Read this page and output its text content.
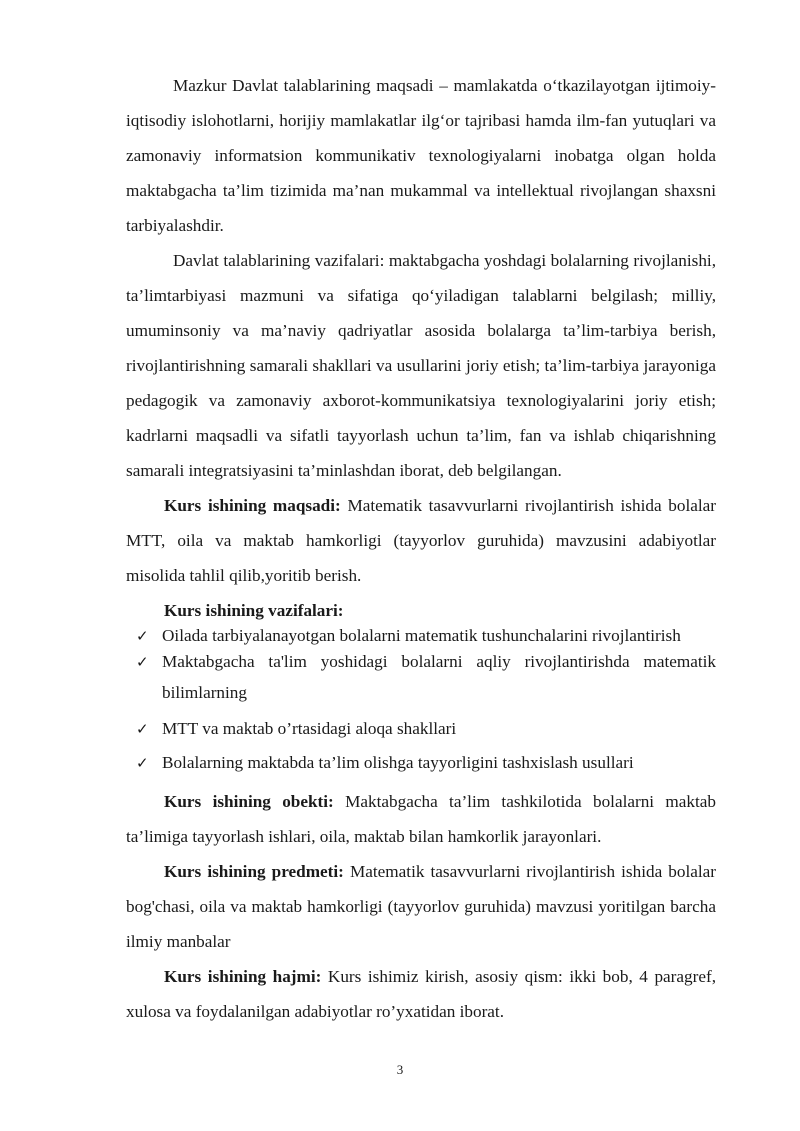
Mazkur Davlat talablarining maqsadi – mamlakatda o‘tkazilayotgan ijtimoiy-iqtisodiy islohotlarni, horijiy mamlakatlar ilg‘or tajribasi hamda ilm-fan yutuqlari va zamonaviy informatsion kommunikativ texnologiyalarni inobatga olgan holda maktabgacha ta’lim tizimida ma’nan mukammal va intellektual rivojlangan shaxsni tarbiyalashdir.

Davlat talablarining vazifalari: maktabgacha yoshdagi bolalarning rivojlanishi, ta’limtarbiyasi mazmuni va sifatiga qo‘yiladigan talablarni belgilash; milliy, umuminsoniy va ma’naviy qadriyatlar asosida bolalarga ta’lim-tarbiya berish, rivojlantirishning samarali shakllari va usullarini joriy etish; ta’lim-tarbiya jarayoniga pedagogik va zamonaviy axborot-kommunikatsiya texnologiyalarini joriy etish; kadrlarni maqsadli va sifatli tayyorlash uchun ta’lim, fan va ishlab chiqarishning samarali integratsiyasini ta’minlashdan iborat, deb belgilangan.

Kurs ishining maqsadi: Matematik tasavvurlarni rivojlantirish ishida bolalar MTT, oila va maktab hamkorligi (tayyorlov guruhida) mavzusini adabiyotlar misolida tahlil qilib,yoritib berish.

Kurs ishining vazifalari:
✓ Oilada tarbiyalanayotgan bolalarni matematik tushunchalarini rivojlantirish
✓ Maktabgacha ta'lim yoshidagi bolalarni aqliy rivojlantirishda matematik
bilimlarning
✓ MTT va maktab o’rtasidagi aloqa shakllari
✓ Bolalarning maktabda ta’lim olishga tayyorligini tashxislash usullari

Kurs ishining obekti: Maktabgacha ta’lim tashkilotida bolalarni maktab ta’limiga tayyorlash ishlari, oila, maktab bilan hamkorlik jarayonlari.

Kurs ishining predmeti: Matematik tasavvurlarni rivojlantirish ishida bolalar bog'chasi, oila va maktab hamkorligi (tayyorlov guruhida) mavzusi yoritilgan barcha ilmiy manbalar

Kurs ishining hajmi: Kurs ishimiz kirish, asosiy qism: ikki bob, 4 paragref, xulosa va foydalanilgan adabiyotlar ro’yxatidan iborat.

3
